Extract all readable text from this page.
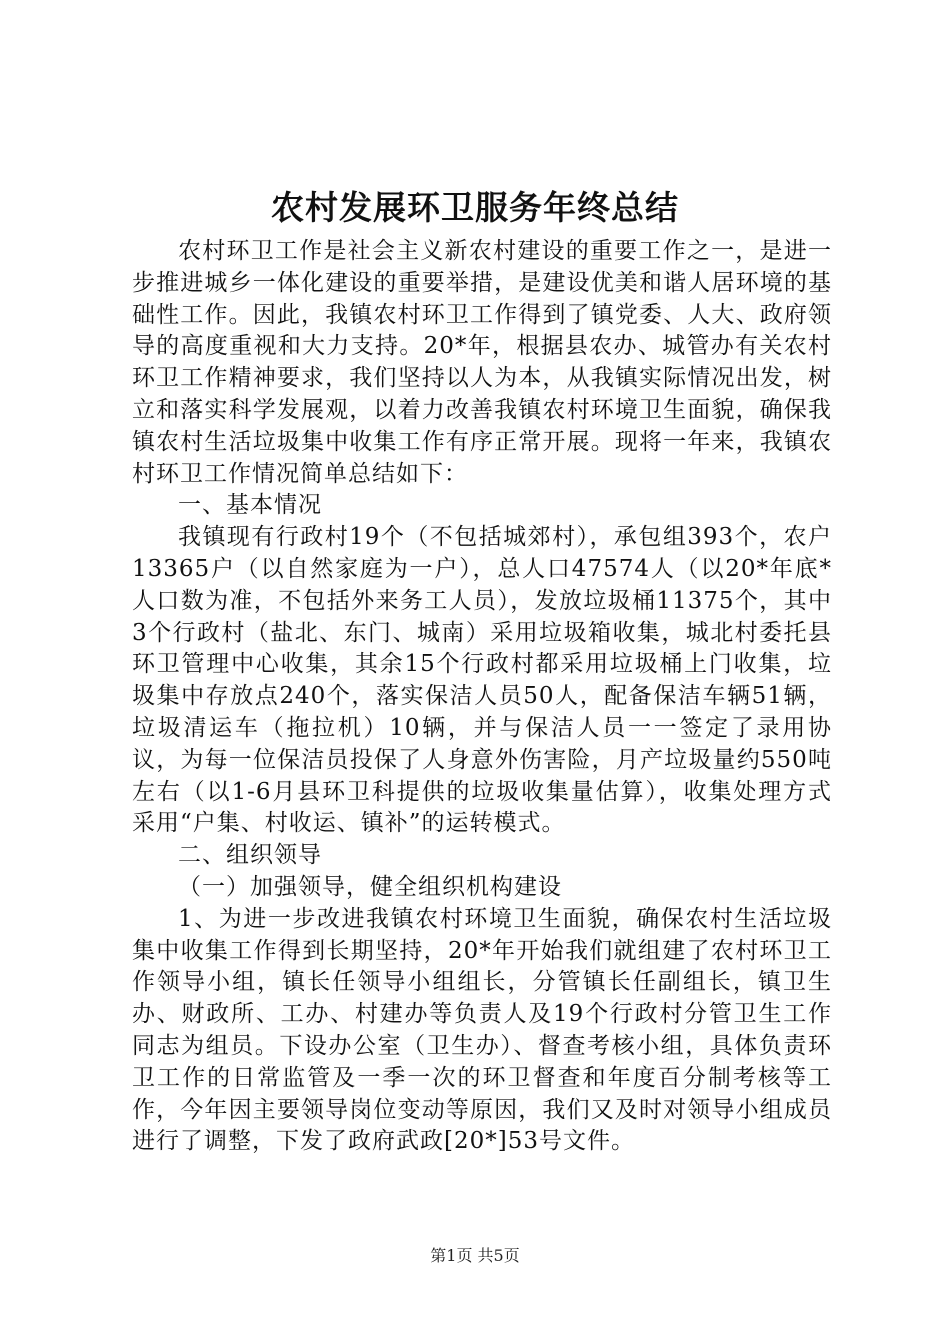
农村发展环卫服务年终总结

农村环卫工作是社会主义新农村建设的重要工作之一，是进一步推进城乡一体化建设的重要举措，是建设优美和谐人居环境的基础性工作。因此，我镇农村环卫工作得到了镇党委、人大、政府领导的高度重视和大力支持。20*年，根据县农办、城管办有关农村环卫工作精神要求，我们坚持以人为本，从我镇实际情况出发，树立和落实科学发展观，以着力改善我镇农村环境卫生面貌，确保我镇农村生活垃圾集中收集工作有序正常开展。现将一年来，我镇农村环卫工作情况简单总结如下：

一、基本情况

我镇现有行政村19个（不包括城郊村），承包组393个，农户13365户（以自然家庭为一户），总人口47574人（以20*年底*人口数为准，不包括外来务工人员），发放垃圾桶11375个，其中3个行政村（盐北、东门、城南）采用垃圾箱收集，城北村委托县环卫管理中心收集，其余15个行政村都采用垃圾桶上门收集，垃圾集中存放点240个，落实保洁人员50人，配备保洁车辆51辆，垃圾清运车（拖拉机）10辆，并与保洁人员一一签定了录用协议，为每一位保洁员投保了人身意外伤害险，月产垃圾量约550吨左右（以1-6月县环卫科提供的垃圾收集量估算），收集处理方式采用“户集、村收运、镇补”的运转模式。

二、组织领导

（一）加强领导，健全组织机构建设

1、为进一步改进我镇农村环境卫生面貌，确保农村生活垃圾集中收集工作得到长期坚持，20*年开始我们就组建了农村环卫工作领导小组，镇长任领导小组组长，分管镇长任副组长，镇卫生办、财政所、工办、村建办等负责人及19个行政村分管卫生工作同志为组员。下设办公室（卫生办）、督查考核小组，具体负责环卫工作的日常监管及一季一次的环卫督查和年度百分制考核等工作，今年因主要领导岗位变动等原因，我们又及时对领导小组成员进行了调整，下发了政府武政[20*]53号文件。

第1页 共5页
